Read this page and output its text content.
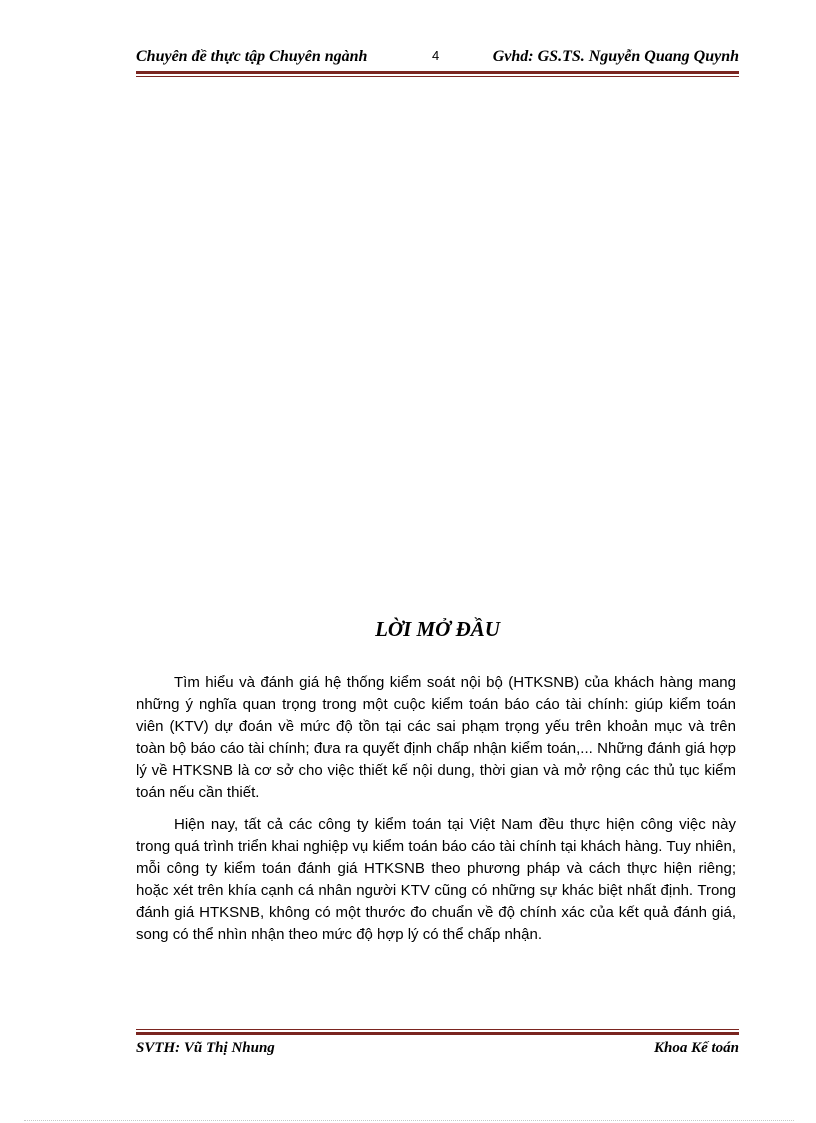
Chuyên đề thực tập Chuyên ngành	4	Gvhd: GS.TS. Nguyễn Quang Quynh
LỜI MỞ ĐẦU

Tìm hiểu và đánh giá hệ thống kiểm soát nội bộ (HTKSNB) của khách hàng mang những ý nghĩa quan trọng trong một cuộc kiểm toán báo cáo tài chính: giúp kiểm toán viên (KTV) dự đoán về mức độ tồn tại các sai phạm trọng yếu trên khoản mục và trên toàn bộ báo cáo tài chính; đưa ra quyết định chấp nhận kiểm toán,... Những đánh giá hợp lý về HTKSNB là cơ sở cho việc thiết kế nội dung, thời gian và mở rộng các thủ tục kiểm toán nếu cần thiết.

Hiện nay, tất cả các công ty kiểm toán tại Việt Nam đều thực hiện công việc này trong quá trình triển khai nghiệp vụ kiểm toán báo cáo tài chính tại khách hàng. Tuy nhiên, mỗi công ty kiểm toán đánh giá HTKSNB theo phương pháp và cách thực hiện riêng; hoặc xét trên khía cạnh cá nhân người KTV cũng có những sự khác biệt nhất định. Trong đánh giá HTKSNB, không có một thước đo chuẩn về độ chính xác của kết quả đánh giá, song có thể nhìn nhận theo mức độ hợp lý có thể chấp nhận.

SVTH: Vũ Thị Nhung	Khoa Kế toán
